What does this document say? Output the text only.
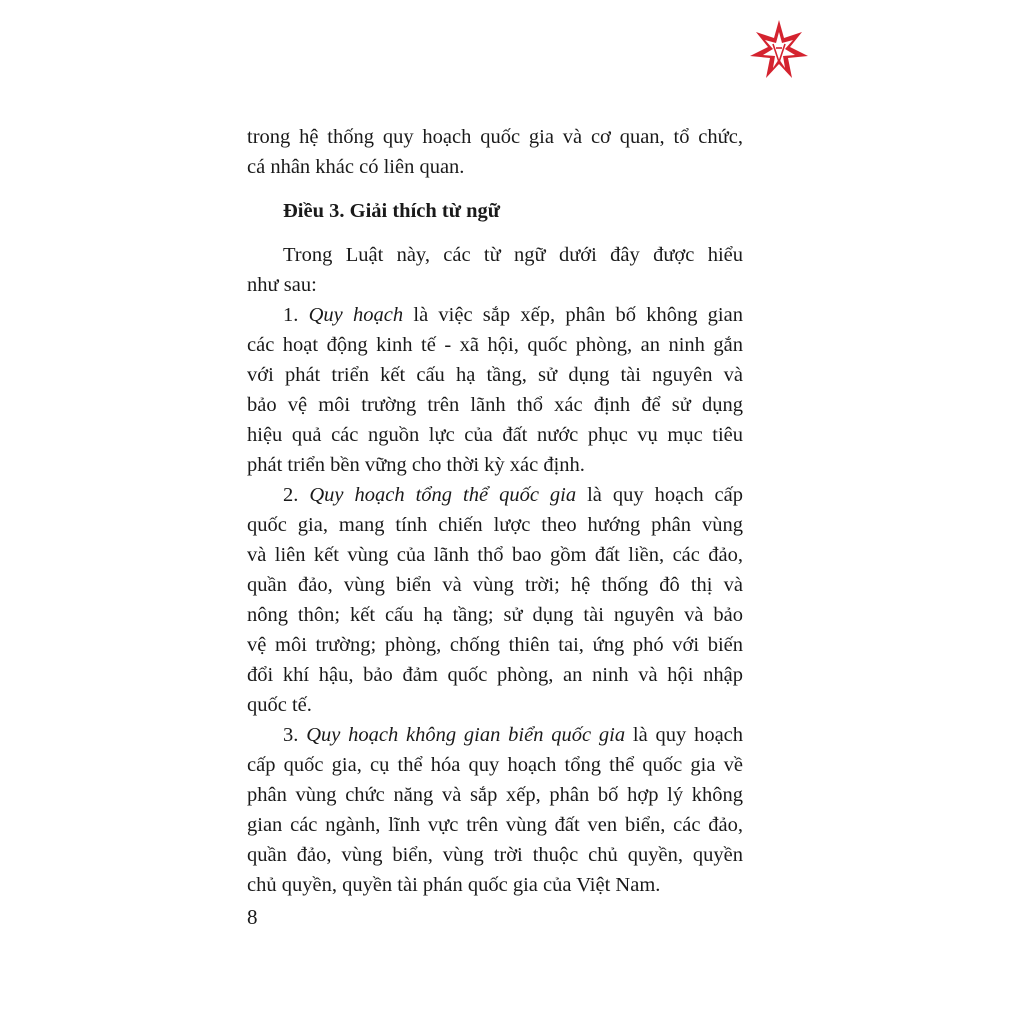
trong hệ thống quy hoạch quốc gia và cơ quan, tổ chức,
cá nhân khác có liên quan.
Điều 3. Giải thích từ ngữ
Trong Luật này, các từ ngữ dưới đây được hiểu
như sau:
1. Quy hoạch là việc sắp xếp, phân bố không gian
các hoạt động kinh tế - xã hội, quốc phòng, an ninh gắn
với phát triển kết cấu hạ tầng, sử dụng tài nguyên và
bảo vệ môi trường trên lãnh thổ xác định để sử dụng
hiệu quả các nguồn lực của đất nước phục vụ mục tiêu
phát triển bền vững cho thời kỳ xác định.
2. Quy hoạch tổng thể quốc gia là quy hoạch cấp
quốc gia, mang tính chiến lược theo hướng phân vùng
và liên kết vùng của lãnh thổ bao gồm đất liền, các đảo,
quần đảo, vùng biển và vùng trời; hệ thống đô thị và
nông thôn; kết cấu hạ tầng; sử dụng tài nguyên và bảo
vệ môi trường; phòng, chống thiên tai, ứng phó với biến
đổi khí hậu, bảo đảm quốc phòng, an ninh và hội nhập
quốc tế.
3. Quy hoạch không gian biển quốc gia là quy hoạch
cấp quốc gia, cụ thể hóa quy hoạch tổng thể quốc gia về
phân vùng chức năng và sắp xếp, phân bố hợp lý không
gian các ngành, lĩnh vực trên vùng đất ven biển, các đảo,
quần đảo, vùng biển, vùng trời thuộc chủ quyền, quyền
chủ quyền, quyền tài phán quốc gia của Việt Nam.
8
